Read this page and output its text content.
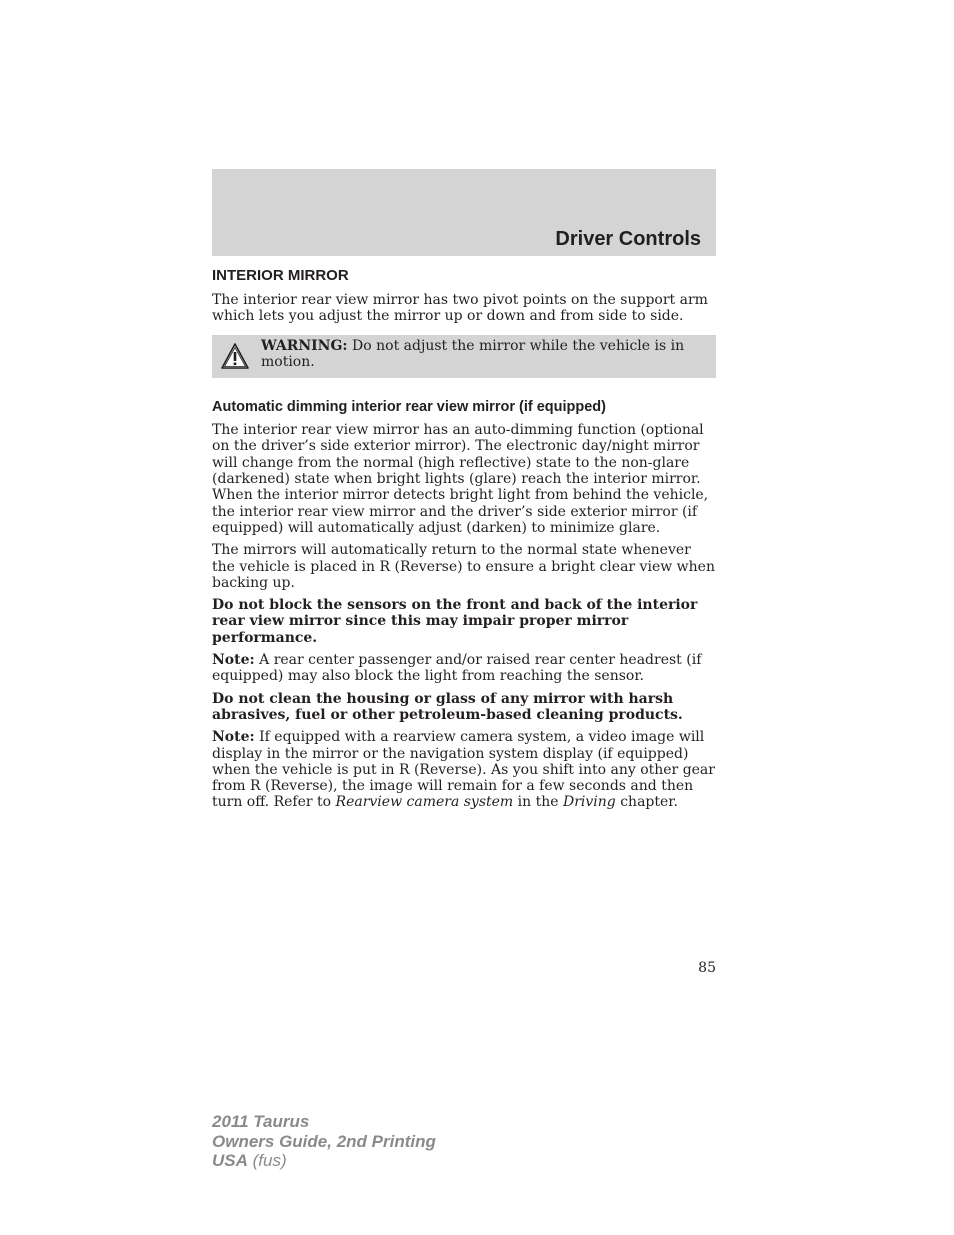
Driver Controls
INTERIOR MIRROR

The interior rear view mirror has two pivot points on the support arm which lets you adjust the mirror up or down and from side to side.

WARNING: Do not adjust the mirror while the vehicle is in motion.
Automatic dimming interior rear view mirror (if equipped)

The interior rear view mirror has an auto-dimming function (optional on the driver’s side exterior mirror). The electronic day/night mirror will change from the normal (high reflective) state to the non-glare (darkened) state when bright lights (glare) reach the interior mirror. When the interior mirror detects bright light from behind the vehicle, the interior rear view mirror and the driver’s side exterior mirror (if equipped) will automatically adjust (darken) to minimize glare.

The mirrors will automatically return to the normal state whenever the vehicle is placed in R (Reverse) to ensure a bright clear view when backing up.

Do not block the sensors on the front and back of the interior rear view mirror since this may impair proper mirror performance.

Note: A rear center passenger and/or raised rear center headrest (if equipped) may also block the light from reaching the sensor.

Do not clean the housing or glass of any mirror with harsh abrasives, fuel or other petroleum-based cleaning products.

Note: If equipped with a rearview camera system, a video image will display in the mirror or the navigation system display (if equipped) when the vehicle is put in R (Reverse). As you shift into any other gear from R (Reverse), the image will remain for a few seconds and then turn off. Refer to Rearview camera system in the Driving chapter.

85
2011 Taurus
Owners Guide, 2nd Printing
USA (fus)
